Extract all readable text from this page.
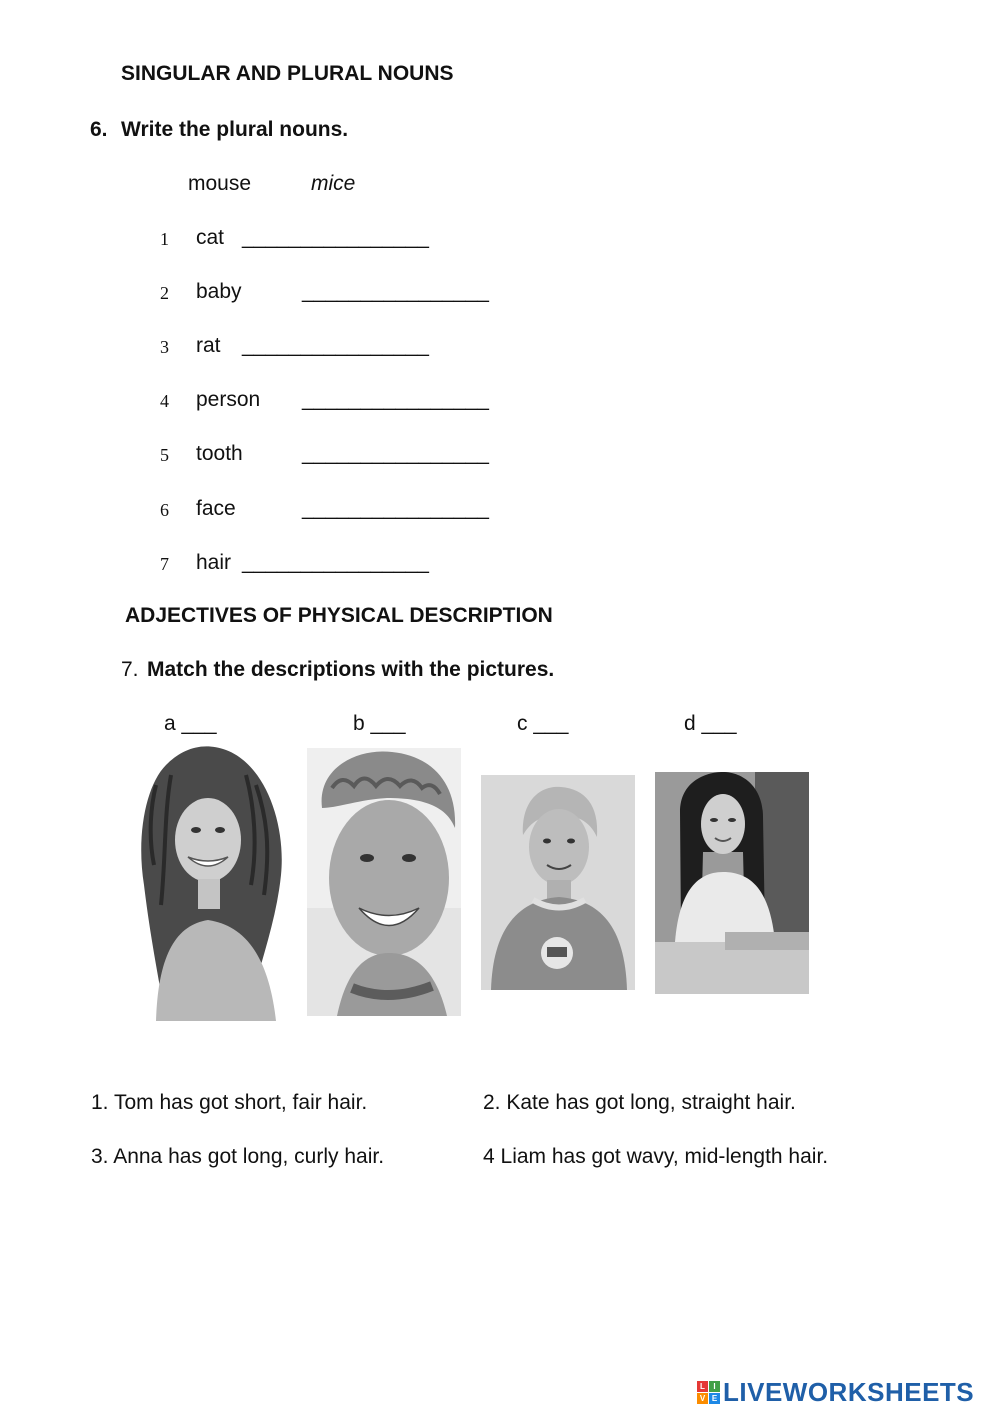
SINGULAR AND PLURAL NOUNS
6. Write the plural nouns.
mouse	mice
1 cat ________________
2 baby	________________
3 rat ________________
4 person ________________
5 tooth	________________
6 face	________________
7 hair ________________
ADJECTIVES OF PHYSICAL DESCRIPTION
7. Match the descriptions with the pictures.
a ___	b ___	c ___	d ___
1. Tom has got short, fair hair.	2. Kate has got long, straight hair.
3. Anna has got long, curly hair.	4 Liam has got wavy, mid-length hair.
L	I
V E LIVEWORKSHEETS
